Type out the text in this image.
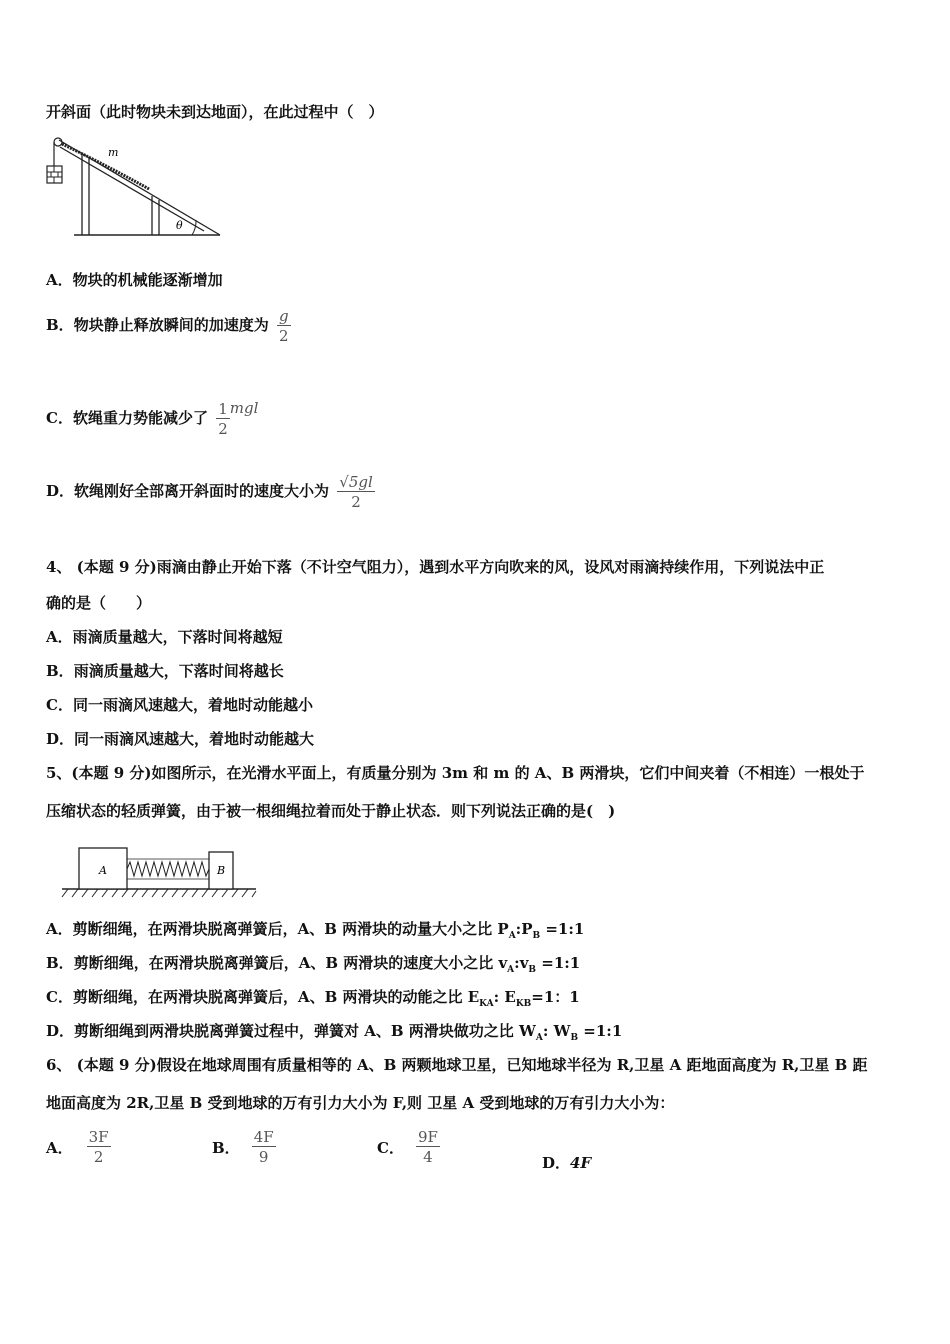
开斜面（此时物块未到达地面），在此过程中（　）
m
θ
A．物块的机械能逐渐增加
B．物块静止释放瞬间的加速度为 $\frac{g}{2}$
C．软绳重力势能减少了 $\frac{1}{2}$ mgl
D．软绳刚好全部离开斜面时的速度大小为 $\frac{√5gl}{2}$
4、 (本题 9 分)雨滴由静止开始下落（不计空气阻力），遇到水平方向吹来的风，设风对雨滴持续作用，下列说法中正
确的是（　　）
A．雨滴质量越大，下落时间将越短
B．雨滴质量越大，下落时间将越长
C．同一雨滴风速越大，着地时动能越小
D．同一雨滴风速越大，着地时动能越大
5、(本题 9 分)如图所示，在光滑水平面上，有质量分别为 3m 和 m 的 A、B 两滑块，它们中间夹着（不相连）一根处于
压缩状态的轻质弹簧，由于被一根细绳拉着而处于静止状态．则下列说法正确的是(　)
A	B
A．剪断细绳，在两滑块脱离弹簧后，A、B 两滑块的动量大小之比 $P_A:P_B$ =1:1
B．剪断细绳，在两滑块脱离弹簧后，A、B 两滑块的速度大小之比 $v_A:v_B$ =1:1
C．剪断细绳，在两滑块脱离弹簧后，A、B 两滑块的动能之比 $E_{KA}$: $E_{KB}=1$：1
D．剪断细绳到两滑块脱离弹簧过程中，弹簧对 A、B 两滑块做功之比 $W_A$: $W_B$ =1:1
6、 (本题 9 分)假设在地球周围有质量相等的 A、B 两颗地球卫星，已知地球半径为 R,卫星 A 距地面高度为 R,卫星 B 距
地面高度为 2R,卫星 B 受到地球的万有引力大小为 F,则 卫星 A 受到地球的万有引力大小为：
A． $\frac{3F}{2}$	B． $\frac{4F}{9}$	C． $\frac{9F}{4}$	D． 4F
